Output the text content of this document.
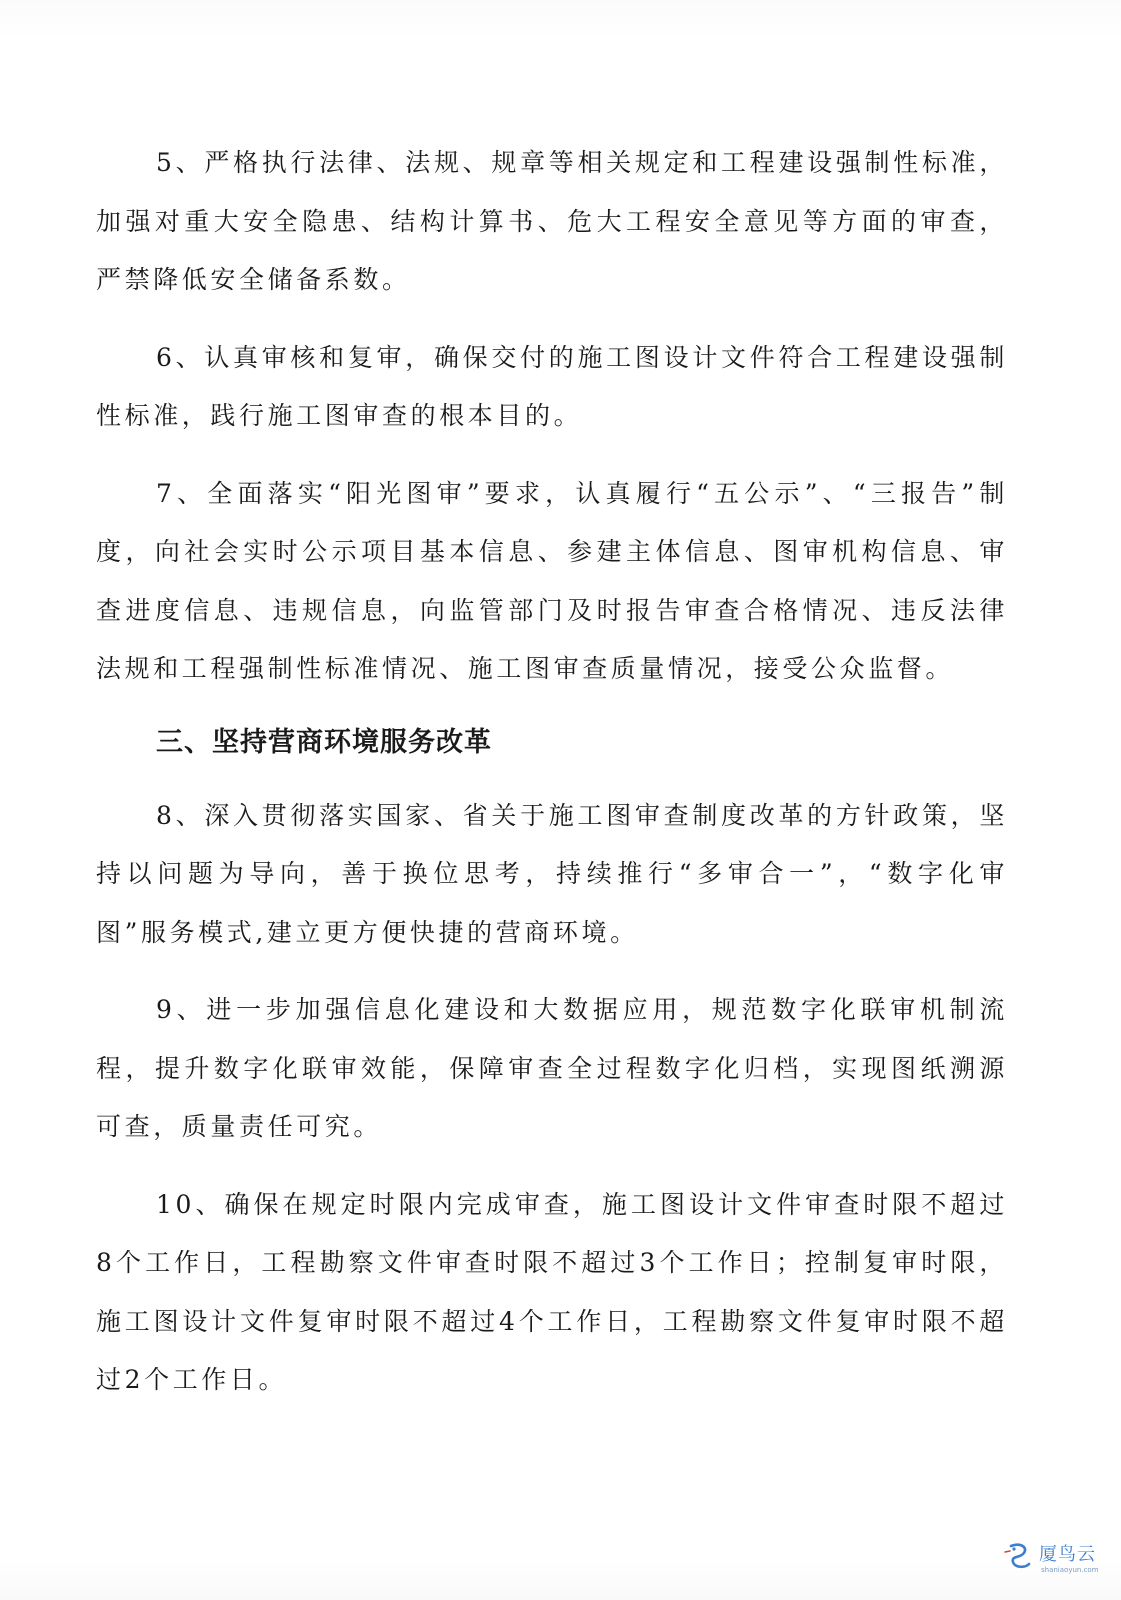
5、严格执行法律、法规、规章等相关规定和工程建设强制性标准，加强对重大安全隐患、结构计算书、危大工程安全意见等方面的审查，严禁降低安全储备系数。

6、认真审核和复审，确保交付的施工图设计文件符合工程建设强制性标准，践行施工图审查的根本目的。

7、全面落实“阳光图审”要求，认真履行“五公示”、“三报告”制度，向社会实时公示项目基本信息、参建主体信息、图审机构信息、审查进度信息、违规信息，向监管部门及时报告审查合格情况、违反法律法规和工程强制性标准情况、施工图审查质量情况，接受公众监督。

三、坚持营商环境服务改革

8、深入贯彻落实国家、省关于施工图审查制度改革的方针政策，坚持以问题为导向，善于换位思考，持续推行“多审合一”，“数字化审图”服务模式,建立更方便快捷的营商环境。

9、进一步加强信息化建设和大数据应用，规范数字化联审机制流程，提升数字化联审效能，保障审查全过程数字化归档，实现图纸溯源可查，质量责任可究。

10、确保在规定时限内完成审查，施工图设计文件审查时限不超过8个工作日，工程勘察文件审查时限不超过3个工作日；控制复审时限，施工图设计文件复审时限不超过4个工作日，工程勘察文件复审时限不超过2个工作日。

厦鸟云
shaniaoyun.com
